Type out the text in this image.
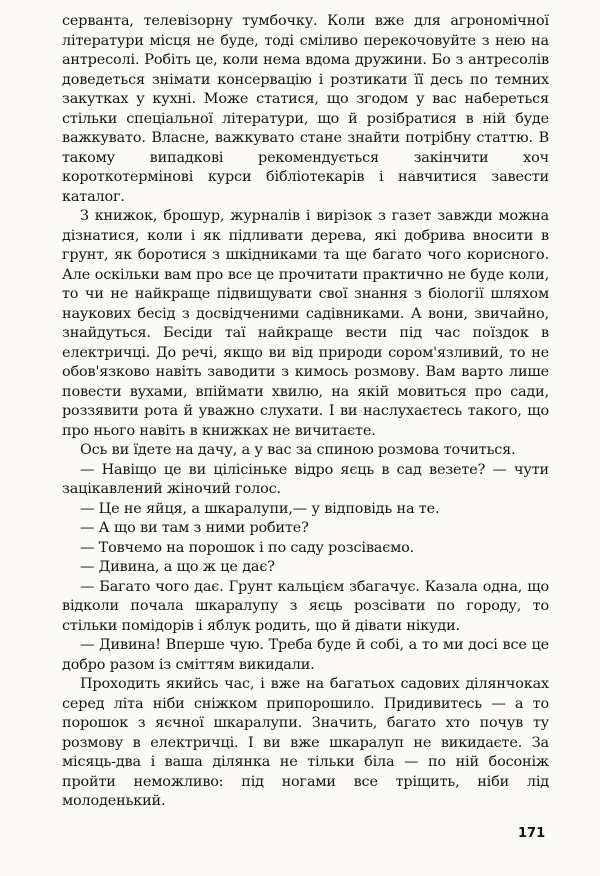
серванта, телевізорну тумбочку. Коли вже для агрономічної літератури місця не буде, тоді сміливо перекочовуйте з нею на антресолі. Робіть це, коли нема вдома дружини. Бо з антресолів доведеться знімати консервацію і розтикати її десь по темних закутках у кухні. Може статися, що згодом у вас набереться стільки спеціальної літератури, що й розібратися в ній буде важкувато. Власне, важкувато стане знайти потрібну статтю. В такому випадкові рекомендується закінчити хоч короткотермінові курси бібліотекарів і навчитися завести каталог.

З книжок, брошур, журналів і вирізок з газет завжди можна дізнатися, коли і як підливати дерева, які добрива вносити в грунт, як боротися з шкідниками та ще багато чого корисного. Але оскільки вам про все це прочитати практично не буде коли, то чи не найкраще підвищувати свої знання з біології шляхом наукових бесід з досвідченими садівниками. А вони, звичайно, знайдуться. Бесіди таї найкраще вести під час поїздок в електричці. До речі, якщо ви від природи сором'язливий, то не обов'язково навіть заводити з кимось розмову. Вам варто лише повести вухами, впіймати хвилю, на якій мовиться про сади, роззявити рота й уважно слухати. І ви наслухаєтесь такого, що про нього навіть в книжках не вичитаєте.

Ось ви їдете на дачу, а у вас за спиною розмова точиться.

— Навіщо це ви цілісіньке відро яєць в сад везете? — чути зацікавлений жіночий голос.

— Це не яйця, а шкаралупи,— у відповідь на те.

— А що ви там з ними робите?

— Товчемо на порошок і по саду розсіваємо.

— Дивина, а що ж це дає?

— Багато чого дає. Грунт кальцієм збагачує. Казала одна, що відколи почала шкаралупу з яєць розсівати по городу, то стільки помідорів і яблук родить, що й дівати нікуди.

— Дивина! Вперше чую. Треба буде й собі, а то ми досі все це добро разом із сміттям викидали.

Проходить якийсь час, і вже на багатьох садових ділянчоках серед літа ніби сніжком припорошило. Придивитесь — а то порошок з яєчної шкаралупи. Значить, багато хто почув ту розмову в електричці. І ви вже шкаралуп не викидаєте. За місяць-два і ваша ділянка не тільки біла — по ній босоніж пройти неможливо: під ногами все тріщить, ніби лід молоденький.

171
